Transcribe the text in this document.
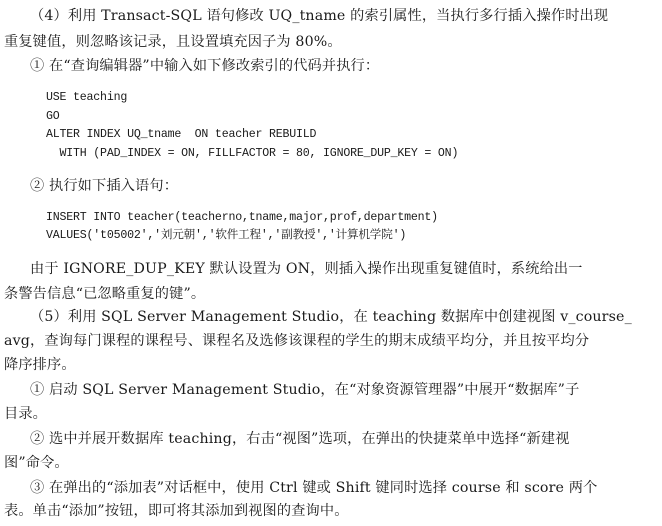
（4）利用 Transact-SQL 语句修改 UQ_tname 的索引属性，当执行多行插入操作时出现
重复键值，则忽略该记录，且设置填充因子为 80%。
① 在“查询编辑器”中输入如下修改索引的代码并执行：
USE teaching
GO
ALTER INDEX UQ_tname  ON teacher REBUILD
WITH (PAD_INDEX = ON, FILLFACTOR = 80, IGNORE_DUP_KEY = ON)
② 执行如下插入语句：
INSERT INTO teacher(teacherno,tname,major,prof,department)
VALUES('t05002','刘元朝','软件工程','副教授','计算机学院')
由于 IGNORE_DUP_KEY 默认设置为 ON，则插入操作出现重复键值时，系统给出一
条警告信息“已忽略重复的键”。
（5）利用 SQL Server Management Studio，在 teaching 数据库中创建视图 v_course_
avg，查询每门课程的课程号、课程名及选修该课程的学生的期末成绩平均分，并且按平均分
降序排序。
① 启动 SQL Server Management Studio，在“对象资源管理器”中展开“数据库”子
目录。
② 选中并展开数据库 teaching，右击“视图”选项，在弹出的快捷菜单中选择“新建视
图”命令。
③ 在弹出的“添加表”对话框中，使用 Ctrl 键或 Shift 键同时选择 course 和 score 两个
表。单击“添加”按钮，即可将其添加到视图的查询中。
